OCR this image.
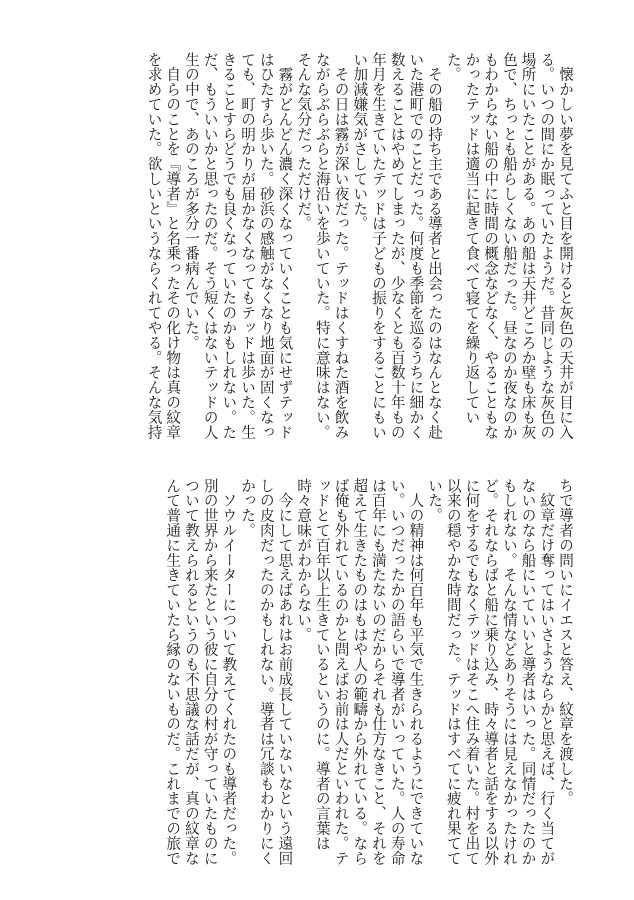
　懐かしい夢を見てふと目を開けると灰色の天井が目に入る。いつの間にか眠っていたようだ。昔同じような灰色の場所にいたことがある。あの船は天井どころか壁も床も灰色で、ちっとも船らしくない船だった。昼なのか夜なのかもわからない船の中に時間の概念などなく、やることもなかったテッドは適当に起きて食べて寝てを繰り返していた。

　その船の持ち主である導者と出会ったのはなんとなく赴いた港町でのことだった。何度も季節を巡るうちに細かく数えることはやめてしまったが、少なくとも百数十年もの年月を生きていたテッドは子どもの振りをすることにもいい加減嫌気がさしていた。

　その日は霧が深い夜だった。テッドはくすねた酒を飲みながらぶらぶらと海沿いを歩いていた。特に意味はない。そんな気分だっただけだ。

　霧がどんどん濃く深くなっていくことも気にせずテッドはひたすら歩いた。砂浜の感触がなくなり地面が固くなっても、町の明かりが届かなくなってもテッドは歩いた。生きることすらどうでも良くなっていたのかもしれない。ただ、もういいかと思ったのだ。そう短くはないテッドの人生の中で、あのころが多分一番病んでいた。

　自らのことを『導者』と名乗ったその化け物は真の紋章を求めていた。欲しいというならくれてやる。そんな気持

ちで導者の問いにイエスと答え、紋章を渡した。

　紋章だけ奪ってはいさようならかと思えば、行く当てがないのなら船にいていいと導者はいった。同情だったのかもしれない。そんな情などありそうには見えなかったけれど。それならばと船に乗り込み、時々導者と話をする以外に何をするでもなくテッドはそこへ住み着いた。村を出て以来の穏やかな時間だった。テッドはすべてに疲れ果てていた。

　人の精神は何百年も平気で生きられるようにできていない。いつだったかの語らいで導者がいっていた。人の寿命は百年にも満たないのだからそれも仕方なきこと、それを超えて生きたものはもはや人の範疇から外れている。ならば俺も外れているのかと問えばお前は人だといわれた。テッドとて百年以上生きているというのに。導者の言葉は時々意味がわからない。

　今にして思えばあれはお前成長していないなという遠回しの皮肉だったのかもしれない。導者は冗談もわかりにくかった。

　ソウルイーターについて教えてくれたのも導者だった。別の世界から来たという彼に自分の村が守っていたものについて教えられるというのも不思議な話だが、真の紋章なんて普通に生きていたら縁のないものだ。これまでの旅で
